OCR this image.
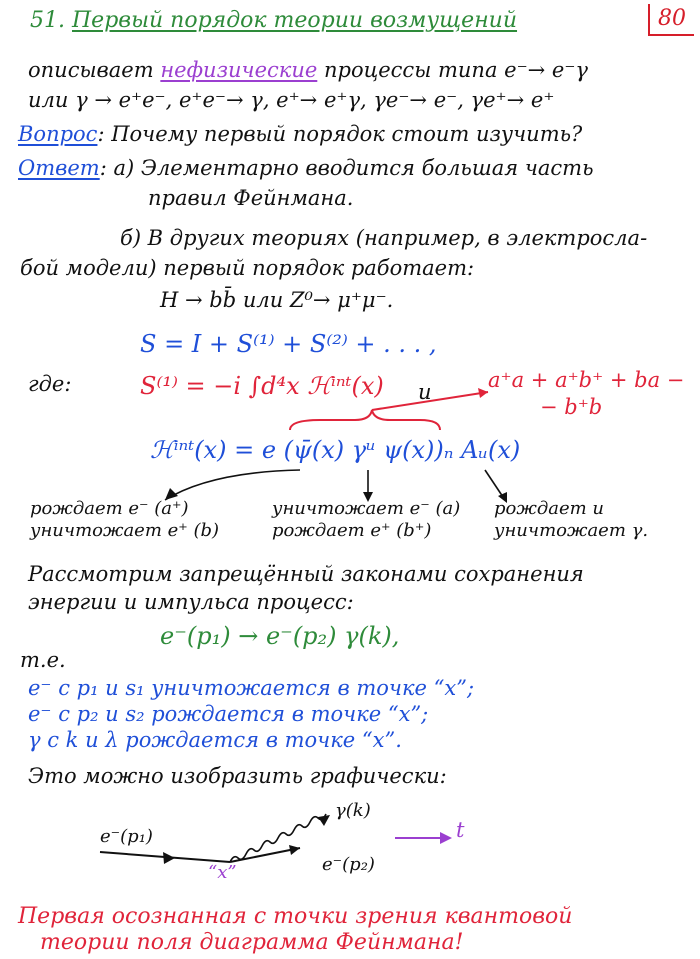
51. Первый порядок теории возмущений	80
описывает нефизические процессы типа e⁻→ e⁻γ
или γ → e⁺e⁻, e⁺e⁻→ γ, e⁺→ e⁺γ, γe⁻→ e⁻, γe⁺→ e⁺
Вопрос: Почему первый порядок стоит изучить?
Ответ: а) Элементарно вводится большая часть
правил Фейнмана.
б) В других теориях (например, в электросла-
бой модели) первый порядок работает:
H → bb̄ или Z⁰→ μ⁺μ⁻.
S = I + S⁽¹⁾ + S⁽²⁾ + . . . ,
где:	S⁽¹⁾ = −i ∫d⁴x ℋⁱⁿᵗ(x) и	a⁺a + a⁺b⁺ + ba −
− b⁺b
ℋⁱⁿᵗ(x) = e (ψ̄(x) γᵘ ψ(x))ₙ Aᵤ(x)
рождает e⁻ (a⁺)
уничтожает e⁺ (b)
уничтожает e⁻ (a)
рождает e⁺ (b⁺)
рождает и
уничтожает γ.
Рассмотрим запрещённый законами сохранения
энергии и импульса процесс:
e⁻(p₁) → e⁻(p₂) γ(k),
т.е.
e⁻ с p₁ и s₁ уничтожается в точке “x”;
e⁻ с p₂ и s₂ рождается в точке “x”;
γ с k и λ рождается в точке “x”.
Это можно изобразить графически:
e⁻(p₁)
γ(k)
e⁻(p₂)
“x”
t
Первая осознанная с точки зрения квантовой
теории поля диаграмма Фейнмана!
